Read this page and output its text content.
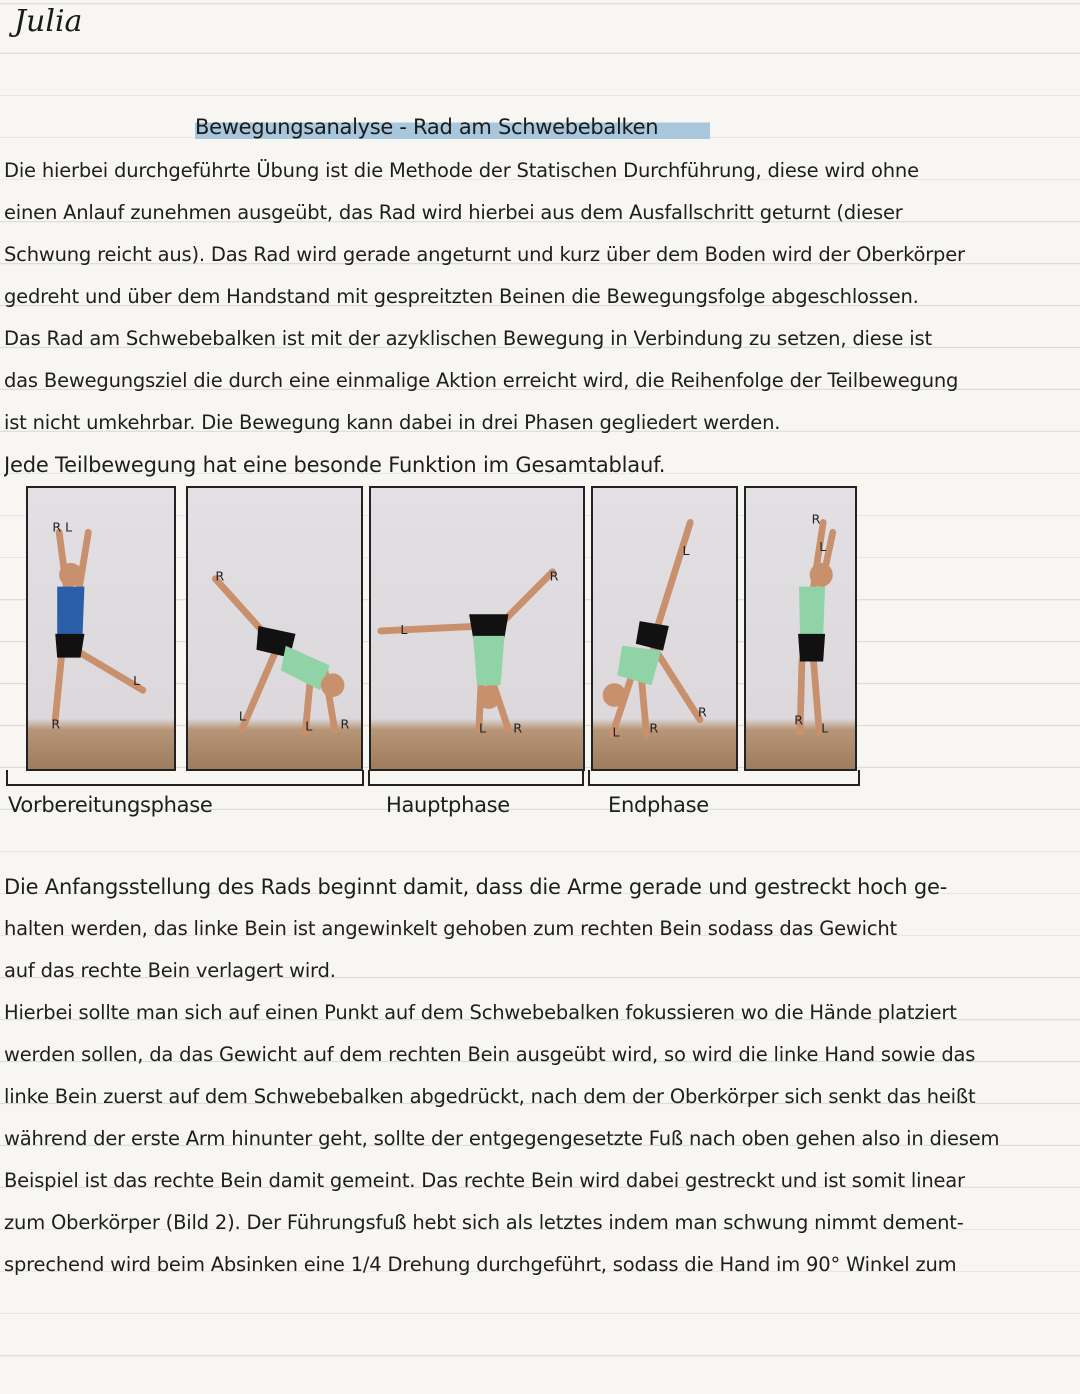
Julia
Bewegungsanalyse - Rad am Schwebebalken
Die hierbei durchgeführte Übung ist die Methode der Statischen Durchführung, diese wird ohne
einen Anlauf zunehmen ausgeübt, das Rad wird hierbei aus dem Ausfallschritt geturnt (dieser
Schwung reicht aus). Das Rad wird gerade angeturnt und kurz über dem Boden wird der Oberkörper
gedreht und über dem Handstand mit gespreitzten Beinen die Bewegungsfolge abgeschlossen.
Das Rad am Schwebebalken ist mit der azyklischen Bewegung in Verbindung zu setzen, diese ist
das Bewegungsziel die durch eine einmalige Aktion erreicht wird, die Reihenfolge der Teilbewegung
ist nicht umkehrbar. Die Bewegung kann dabei in drei Phasen gegliedert werden.
Jede Teilbewegung hat eine besonde Funktion im Gesamtablauf.
R L
L
R
R
L
L R
R
L
L R
L
R
L R
R
L
R
L
Vorbereitungsphase	Hauptphase	Endphase
Die Anfangsstellung des Rads beginnt damit, dass die Arme gerade und gestreckt hoch ge-
halten werden, das linke Bein ist angewinkelt gehoben zum rechten Bein sodass das Gewicht
auf das rechte Bein verlagert wird.
Hierbei sollte man sich auf einen Punkt auf dem Schwebebalken fokussieren wo die Hände platziert
werden sollen, da das Gewicht auf dem rechten Bein ausgeübt wird, so wird die linke Hand sowie das
linke Bein zuerst auf dem Schwebebalken abgedrückt, nach dem der Oberkörper sich senkt das heißt
während der erste Arm hinunter geht, sollte der entgegengesetzte Fuß nach oben gehen also in diesem
Beispiel ist das rechte Bein damit gemeint. Das rechte Bein wird dabei gestreckt und ist somit linear
zum Oberkörper (Bild 2). Der Führungsfuß hebt sich als letztes indem man schwung nimmt dement-
sprechend wird beim Absinken eine 1/4 Drehung durchgeführt, sodass die Hand im 90° Winkel zum
